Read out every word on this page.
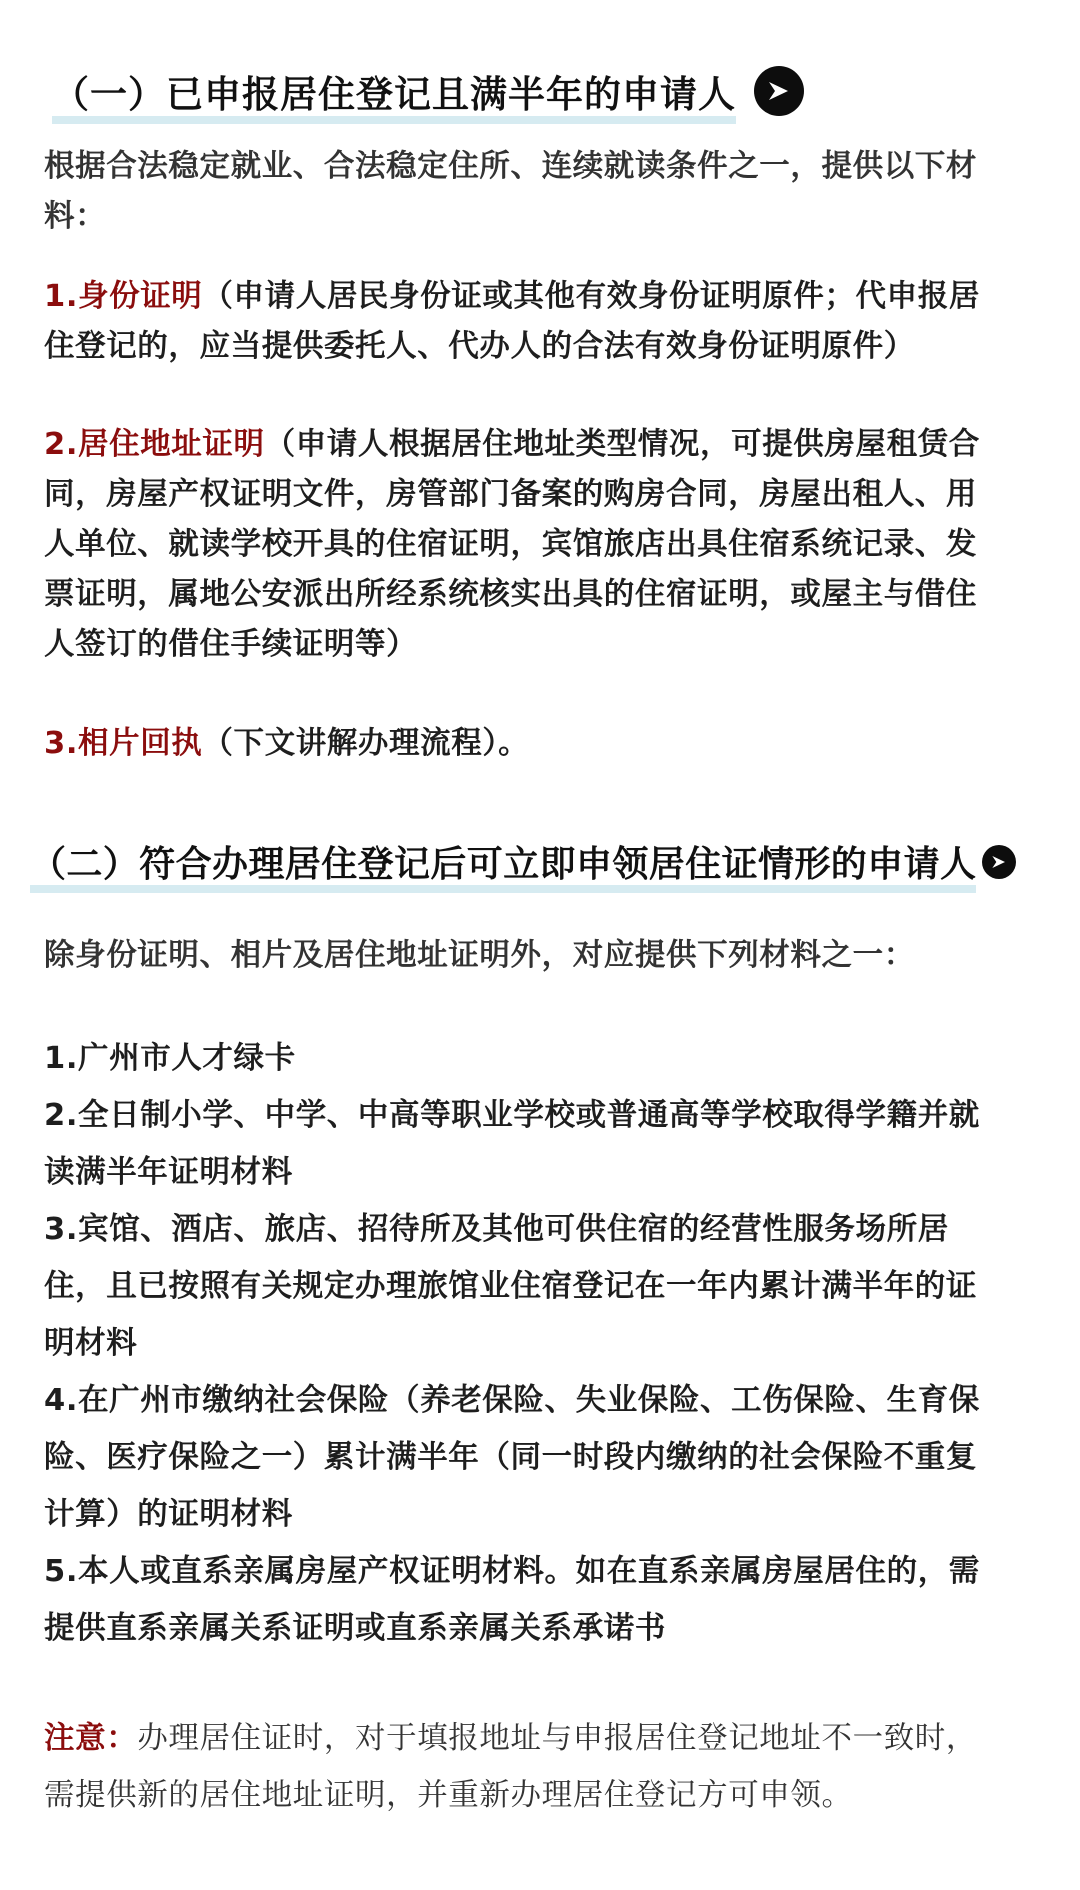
（一）已申报居住登记且满半年的申请人
根据合法稳定就业、合法稳定住所、连续就读条件之一，提供以下材料：
1.身份证明（申请人居民身份证或其他有效身份证明原件；代申报居住登记的，应当提供委托人、代办人的合法有效身份证明原件）
2.居住地址证明（申请人根据居住地址类型情况，可提供房屋租赁合同，房屋产权证明文件，房管部门备案的购房合同，房屋出租人、用人单位、就读学校开具的住宿证明，宾馆旅店出具住宿系统记录、发票证明，属地公安派出所经系统核实出具的住宿证明，或屋主与借住人签订的借住手续证明等）
3.相片回执（下文讲解办理流程）。
（二）符合办理居住登记后可立即申领居住证情形的申请人
除身份证明、相片及居住地址证明外，对应提供下列材料之一：
1.广州市人才绿卡
2.全日制小学、中学、中高等职业学校或普通高等学校取得学籍并就读满半年证明材料
3.宾馆、酒店、旅店、招待所及其他可供住宿的经营性服务场所居住，且已按照有关规定办理旅馆业住宿登记在一年内累计满半年的证明材料
4.在广州市缴纳社会保险（养老保险、失业保险、工伤保险、生育保险、医疗保险之一）累计满半年（同一时段内缴纳的社会保险不重复计算）的证明材料
5.本人或直系亲属房屋产权证明材料。如在直系亲属房屋居住的，需提供直系亲属关系证明或直系亲属关系承诺书
注意：办理居住证时，对于填报地址与申报居住登记地址不一致时，需提供新的居住地址证明，并重新办理居住登记方可申领。
